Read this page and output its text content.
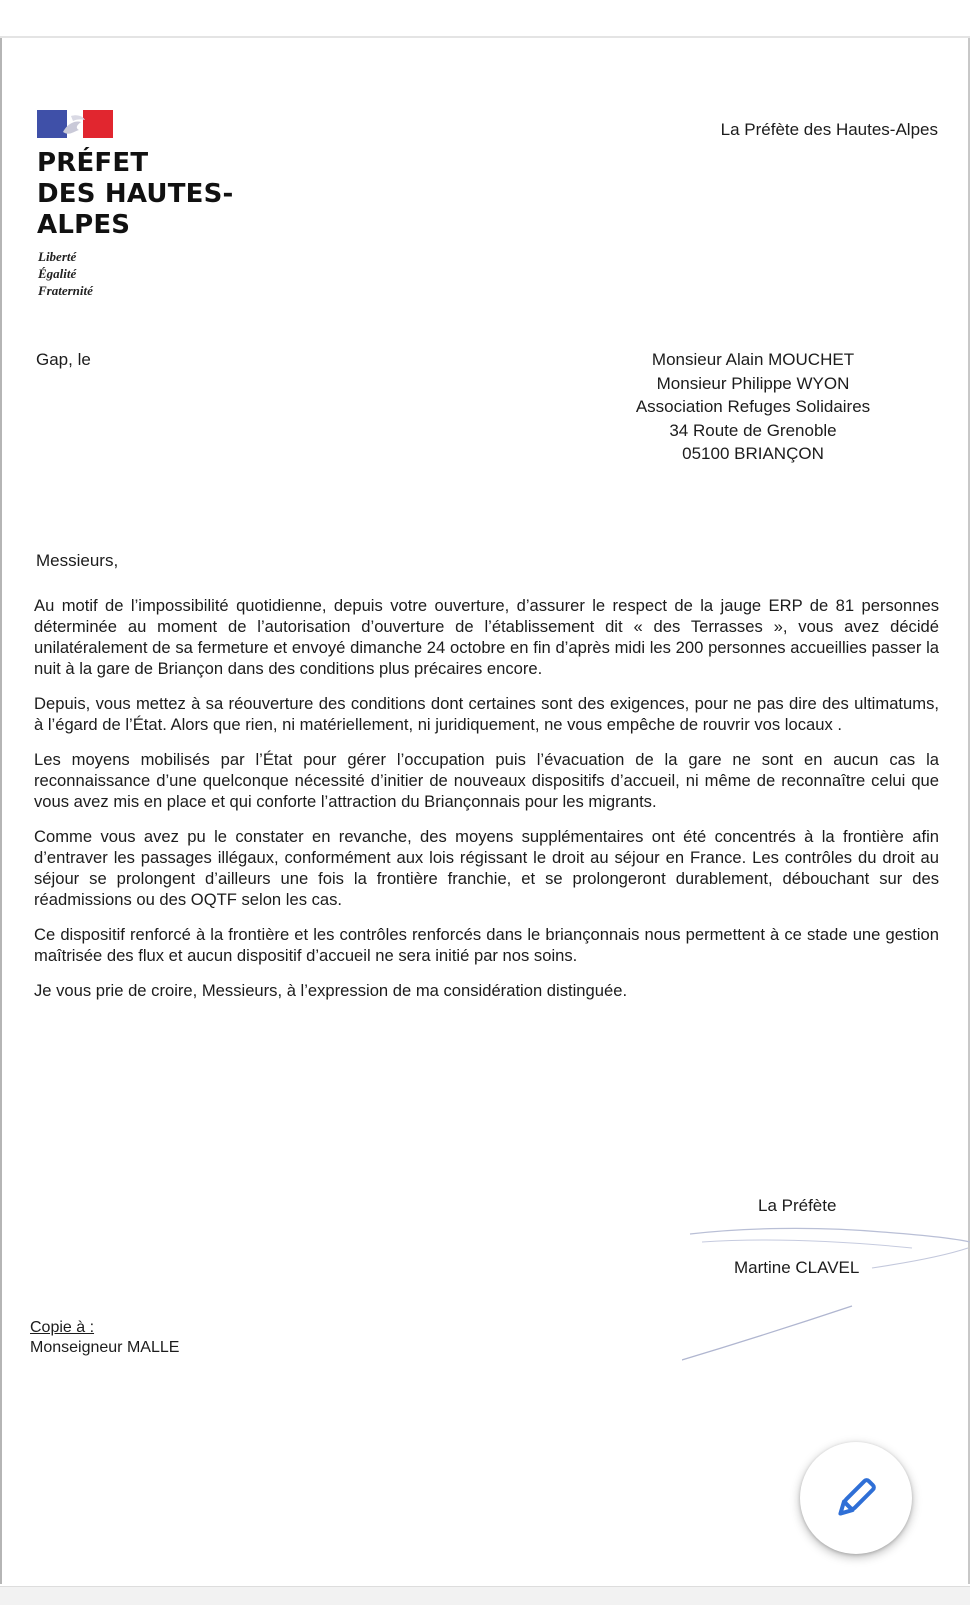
PRÉFET
DES HAUTES-
ALPES
Liberté
Égalité
Fraternité
La Préfète des Hautes-Alpes
Gap, le	Monsieur Alain MOUCHET
Monsieur Philippe WYON
Association Refuges Solidaires
34 Route de Grenoble
05100 BRIANÇON
Messieurs,

Au motif de l’impossibilité quotidienne, depuis votre ouverture, d’assurer le respect de la jauge ERP de 81 personnes déterminée au moment de l’autorisation d’ouverture de l’établissement dit « des Terrasses », vous avez décidé unilatéralement de sa fermeture et envoyé dimanche 24 octobre en fin d’après midi les 200 personnes accueillies passer la nuit à la gare de Briançon dans des conditions plus précaires encore.

Depuis, vous mettez à sa réouverture des conditions dont certaines sont des exigences, pour ne pas dire des ultimatums, à l’égard de l’État. Alors que rien, ni matériellement, ni juridiquement, ne vous empêche de rouvrir vos locaux .

Les moyens mobilisés par l’État pour gérer l’occupation puis l’évacuation de la gare ne sont en aucun cas la reconnaissance d’une quelconque nécessité d’initier de nouveaux dispositifs d’accueil, ni même de reconnaître celui que vous avez mis en place et qui conforte l’attraction du Briançonnais pour les migrants.

Comme vous avez pu le constater en revanche, des moyens supplémentaires ont été concentrés à la frontière afin d’entraver les passages illégaux, conformément aux lois régissant le droit au séjour en France. Les contrôles du droit au séjour se prolongent d’ailleurs une fois la frontière franchie, et se prolongeront durablement, débouchant sur des réadmissions ou des OQTF selon les cas.

Ce dispositif renforcé à la frontière et les contrôles renforcés dans le briançonnais nous permettent à ce stade une gestion maîtrisée des flux et aucun dispositif d’accueil ne sera initié par nos soins.

Je vous prie de croire, Messieurs, à l’expression de ma considération distinguée.

La Préfète
Martine CLAVEL
Copie à :
Monseigneur MALLE
